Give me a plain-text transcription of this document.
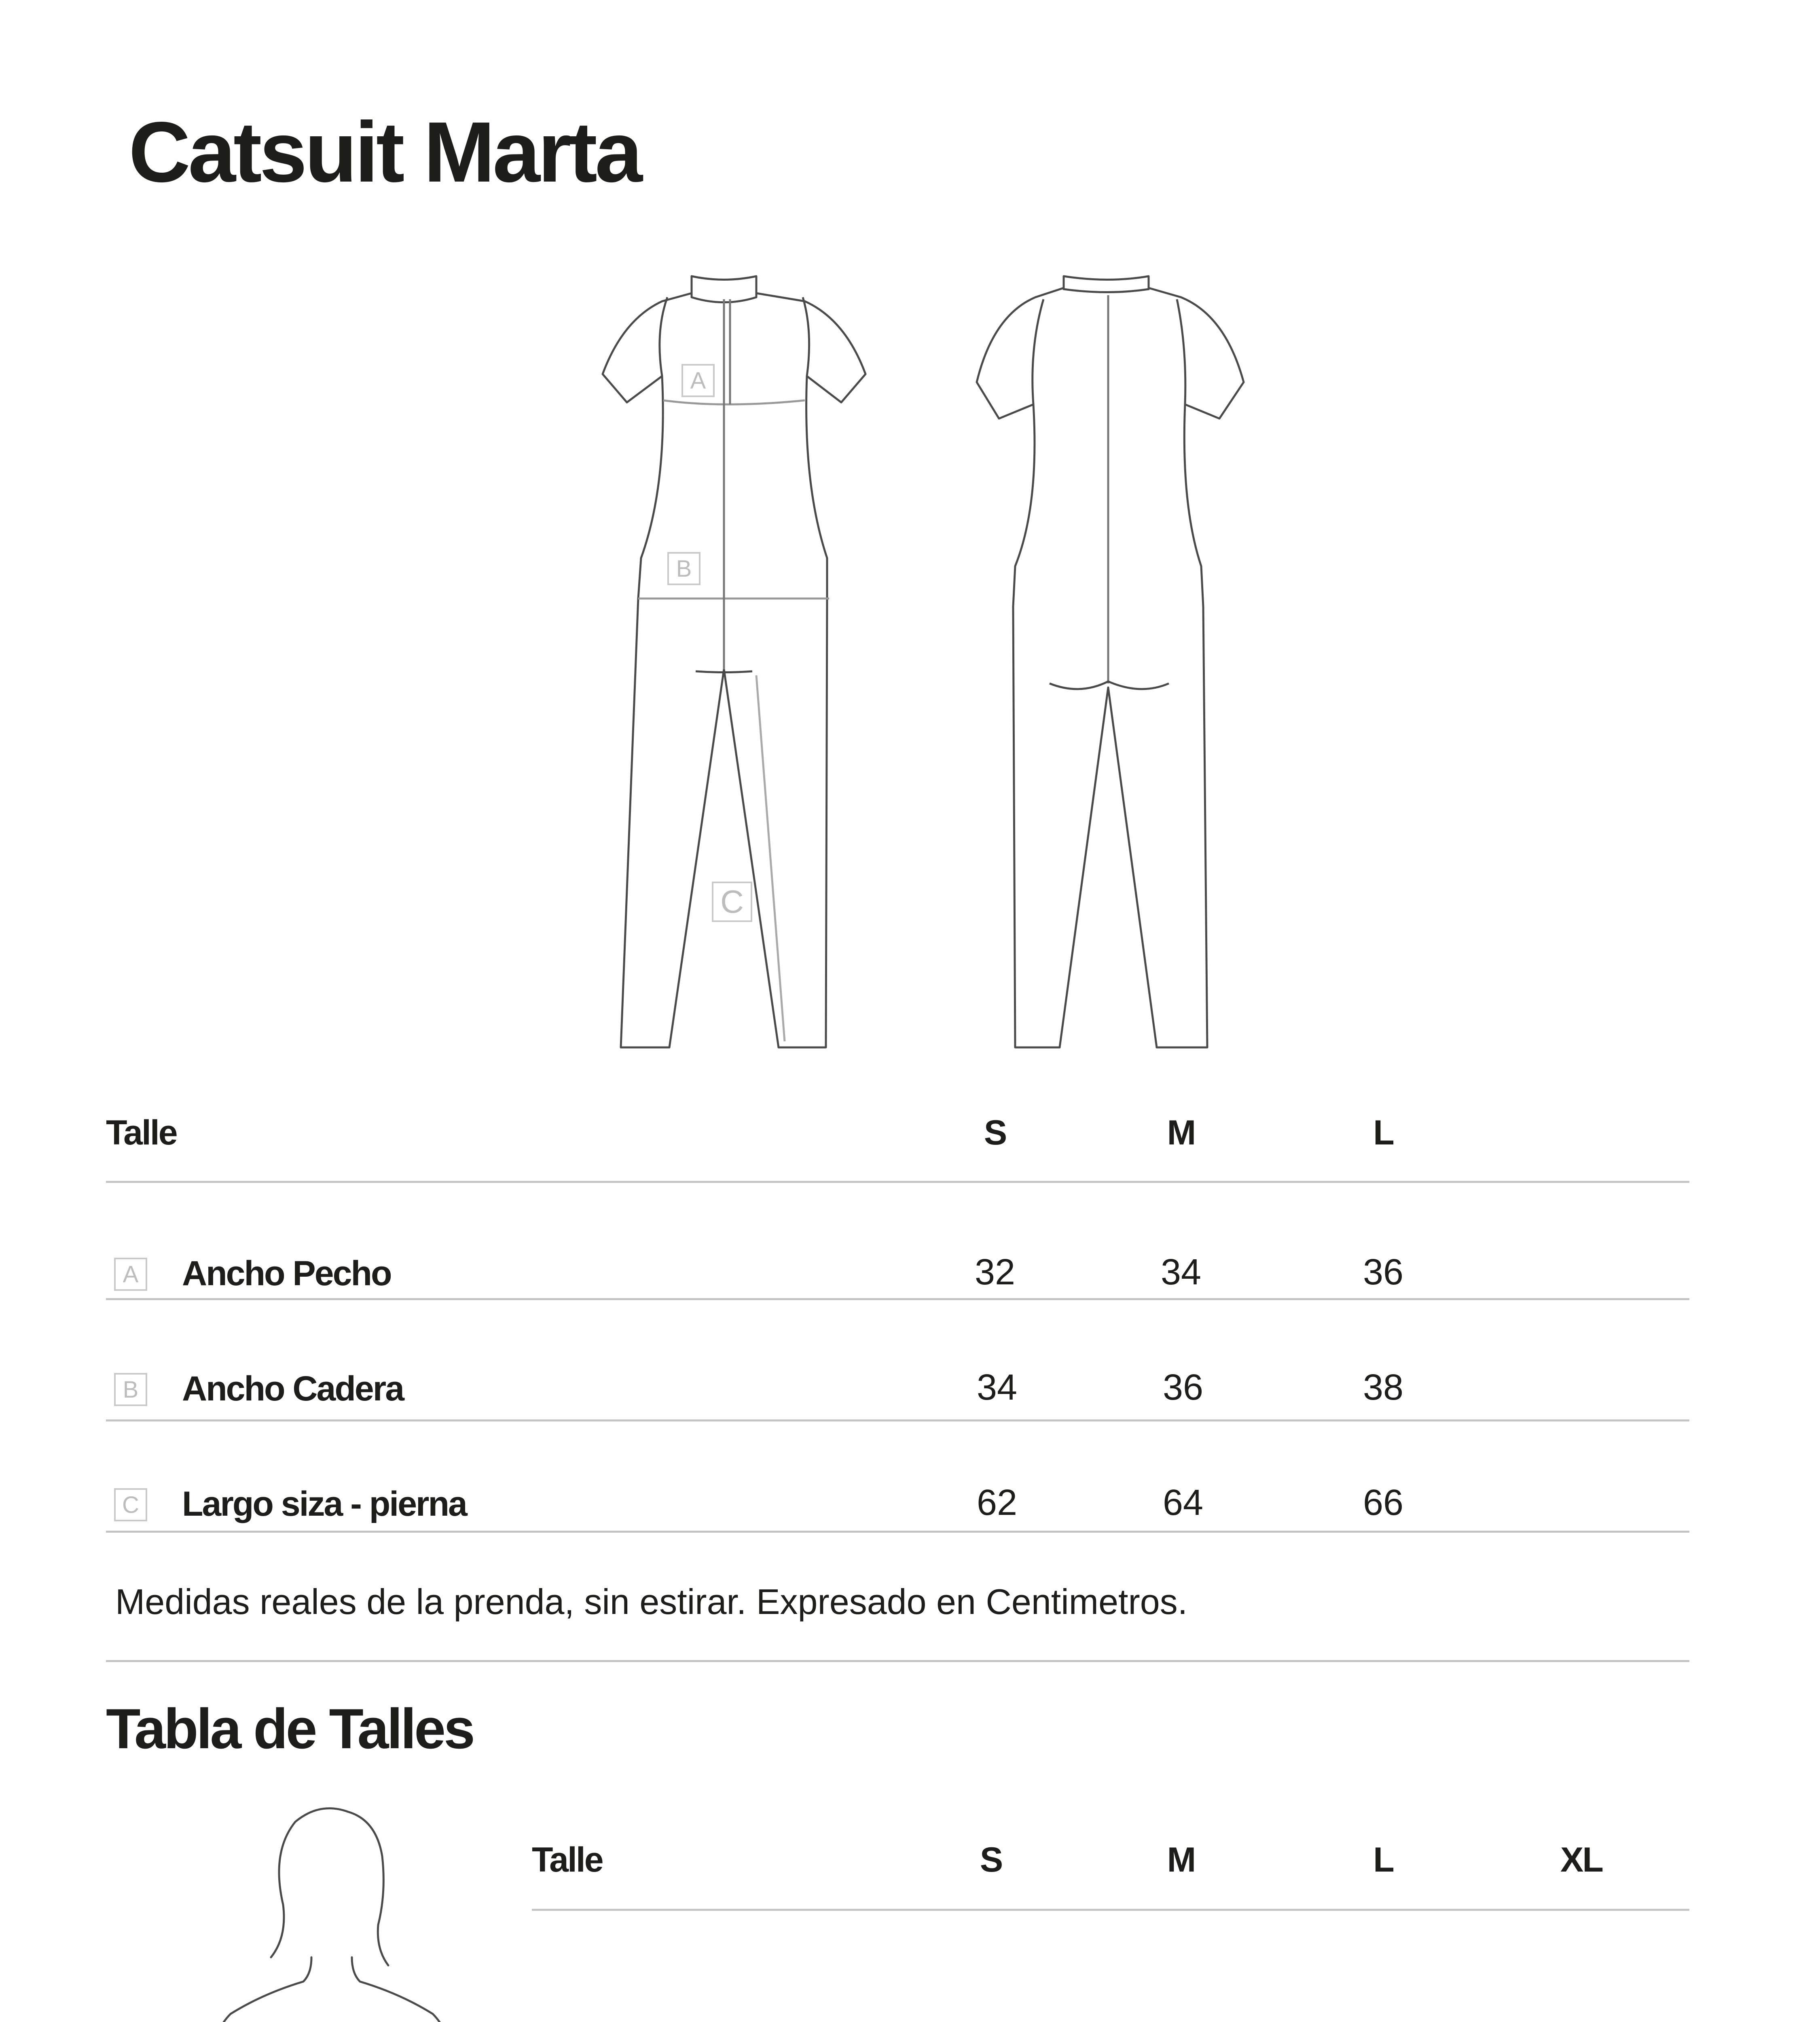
Catsuit Marta
A
B
C
Talle	S	M	L
A Ancho Pecho	32	34	36
B Ancho Cadera	34	36	38
C Largo siza - pierna	62	64	66
Medidas reales de la prenda, sin estirar. Expresado en Centimetros.
Tabla de Talles
Talle	S	M	L	XL
